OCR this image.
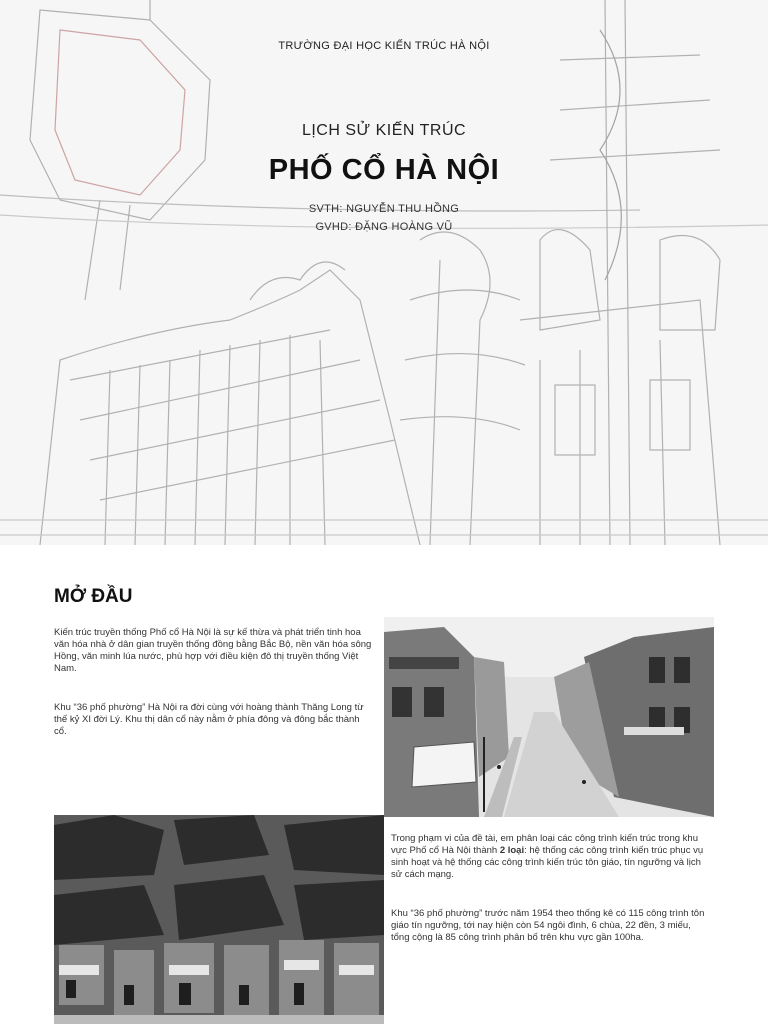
TRƯỜNG ĐẠI HỌC KIẾN TRÚC HÀ NỘI
LỊCH SỬ KIẾN TRÚC
PHỐ CỔ HÀ NỘI
SVTH: NGUYỄN THU HỒNG
GVHD: ĐẶNG HOÀNG VŨ
MỞ ĐẦU

Kiến trúc truyền thống Phố cổ Hà Nội là sự kế thừa và phát triển tinh hoa văn hóa nhà ở dân gian truyền thống đồng bằng Bắc Bộ, nền văn hóa sông Hồng, văn minh lúa nước, phù hợp với điều kiện đô thị truyền thống Việt Nam.

Khu “36 phố phường” Hà Nội ra đời cùng với hoàng thành Thăng Long từ thế kỷ XI đời Lý. Khu thị dân cổ này nằm ở phía đông và đông bắc thành cổ.

Trong phạm vi của đề tài, em phân loại các công trình kiến trúc trong khu vực Phố cổ Hà Nội thành 2 loại: hệ thống các công trình kiến trúc phục vụ sinh hoạt và hệ thống các công trình kiến trúc tôn giáo, tín ngưỡng và lịch sử cách mạng.

Khu “36 phố phường” trước năm 1954 theo thống kê có 115 công trình tôn giáo tín ngưỡng, tới nay hiện còn 54 ngôi đình, 6 chùa, 22 đền, 3 miếu, tổng cộng là 85 công trình phân bố trên khu vực gần 100ha.
